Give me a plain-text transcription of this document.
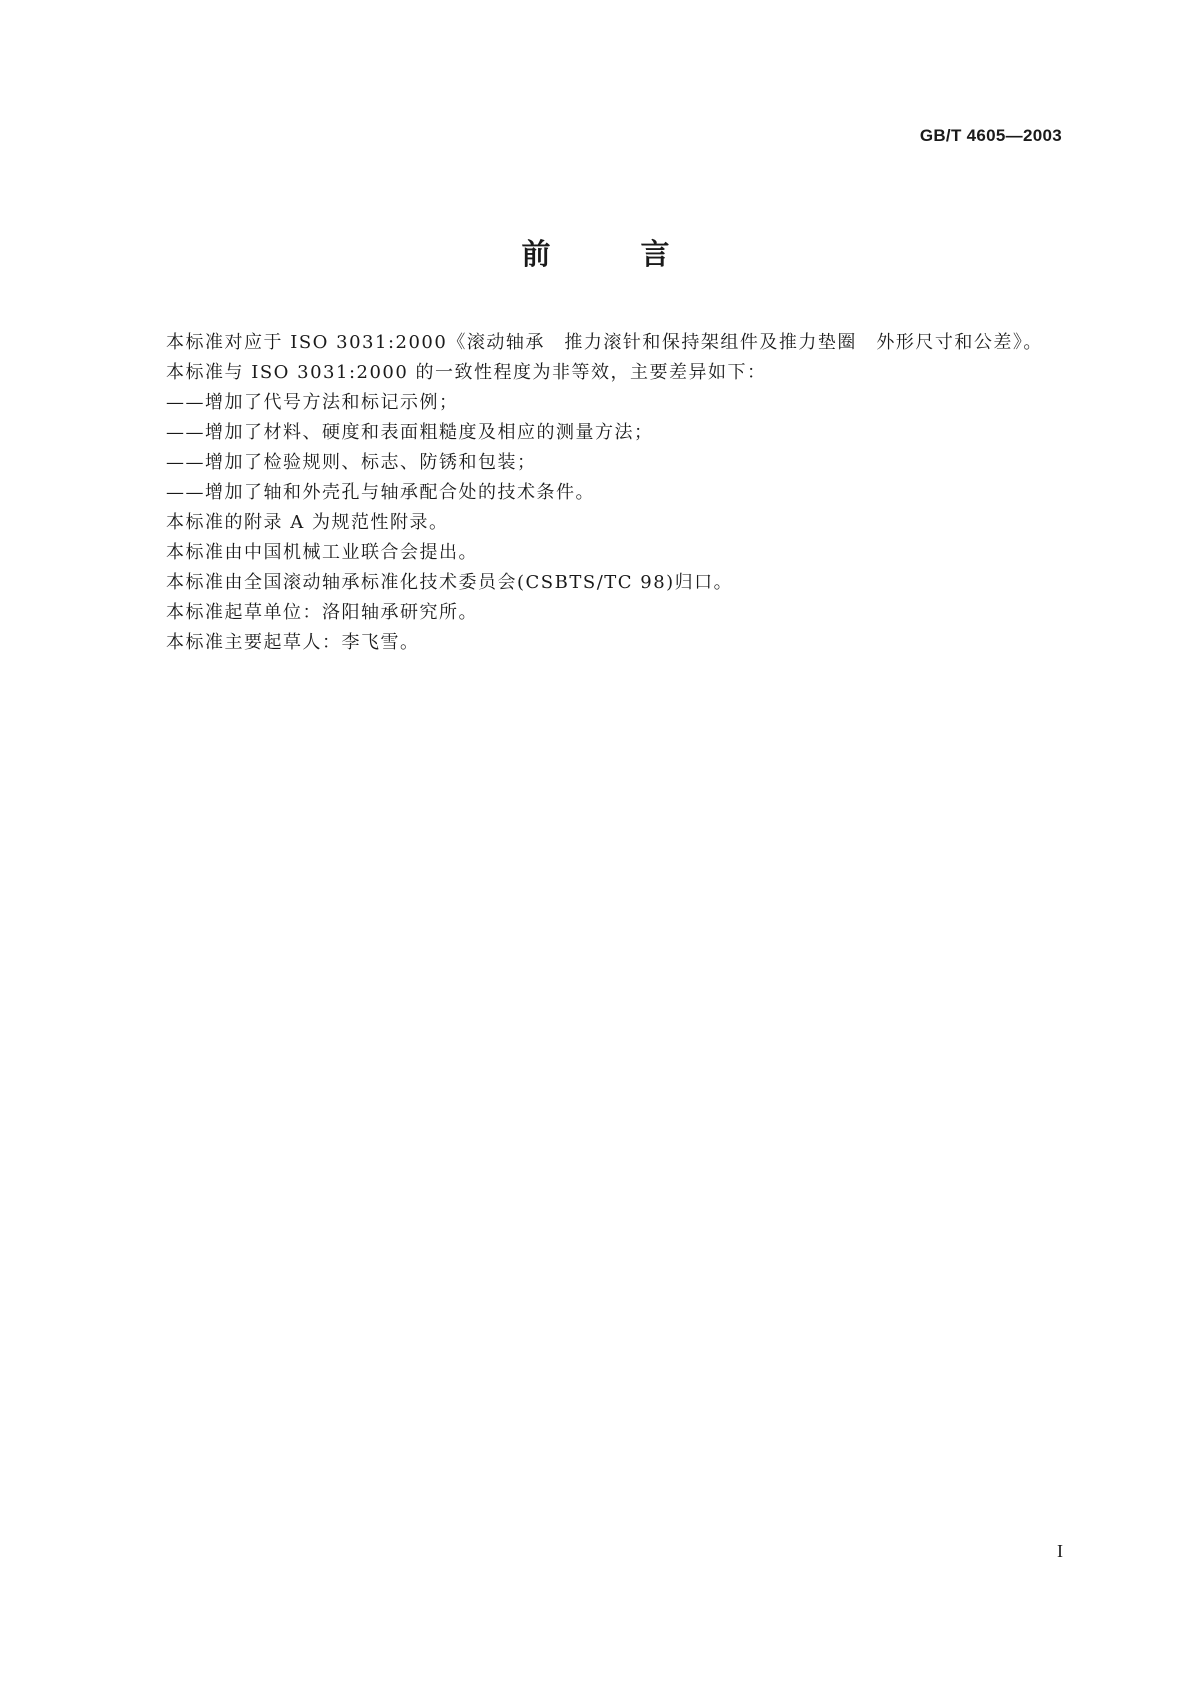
GB/T 4605—2003
前 言

本标准对应于 ISO 3031:2000《滚动轴承　推力滚针和保持架组件及推力垫圈　外形尺寸和公差》。

本标准与 ISO 3031:2000 的一致性程度为非等效，主要差异如下：

——增加了代号方法和标记示例；

——增加了材料、硬度和表面粗糙度及相应的测量方法；

——增加了检验规则、标志、防锈和包装；

——增加了轴和外壳孔与轴承配合处的技术条件。

本标准的附录 A 为规范性附录。

本标准由中国机械工业联合会提出。

本标准由全国滚动轴承标准化技术委员会(CSBTS/TC 98)归口。

本标准起草单位：洛阳轴承研究所。

本标准主要起草人：李飞雪。

I
